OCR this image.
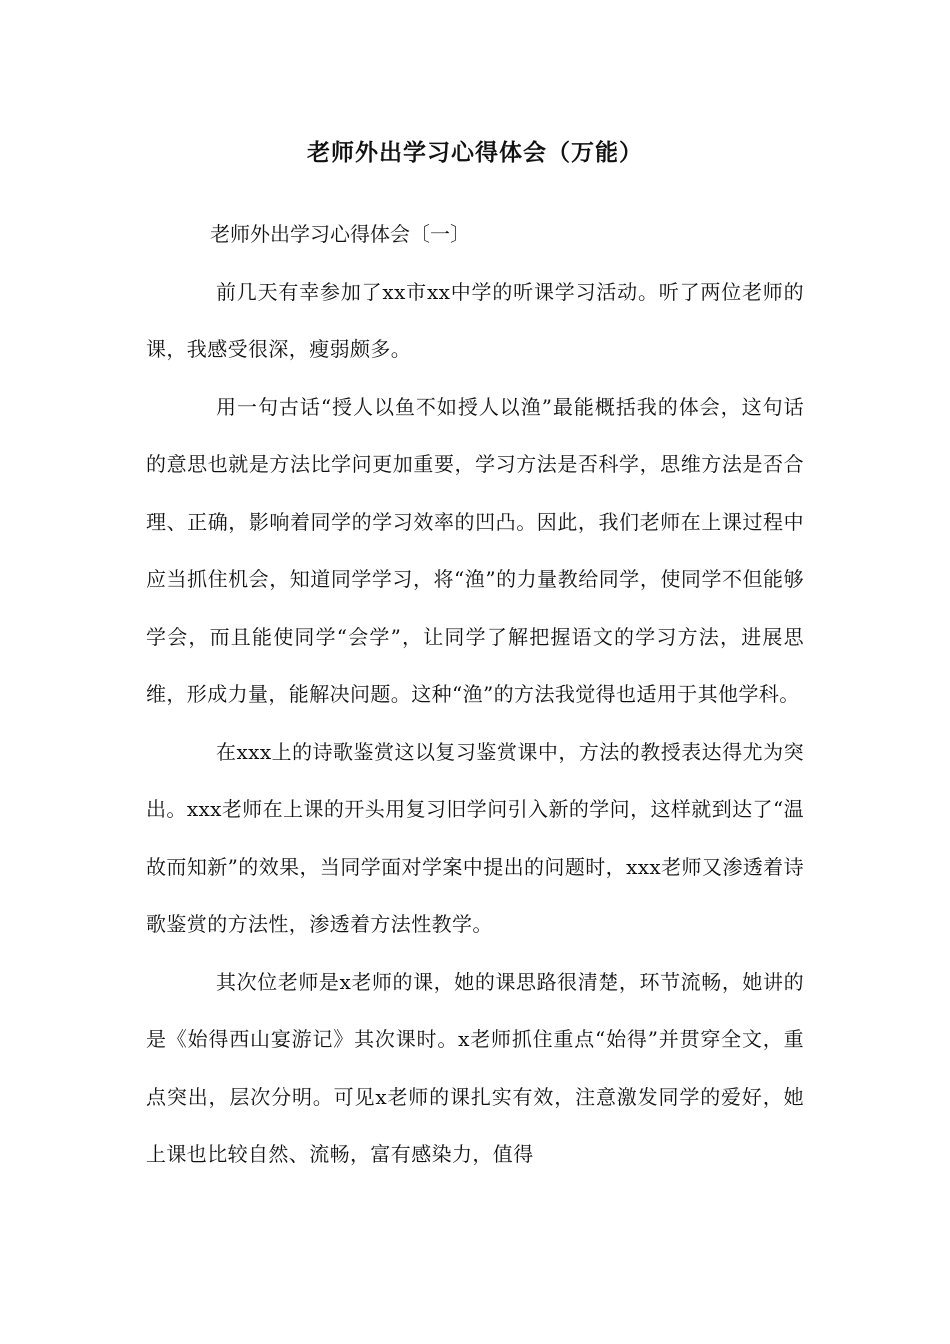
老师外出学习心得体会（万能）

老师外出学习心得体会〔一〕

前几天有幸参加了xx市xx中学的听课学习活动。听了两位老师的课，我感受很深，瘦弱颇多。

用一句古话“授人以鱼不如授人以渔”最能概括我的体会，这句话的意思也就是方法比学问更加重要，学习方法是否科学，思维方法是否合理、正确，影响着同学的学习效率的凹凸。因此，我们老师在上课过程中应当抓住机会，知道同学学习，将“渔”的力量教给同学，使同学不但能够学会，而且能使同学“会学”，让同学了解把握语文的学习方法，进展思维，形成力量，能解决问题。这种“渔”的方法我觉得也适用于其他学科。

在xxx上的诗歌鉴赏这以复习鉴赏课中，方法的教授表达得尤为突出。xxx老师在上课的开头用复习旧学问引入新的学问，这样就到达了“温故而知新”的效果，当同学面对学案中提出的问题时，xxx老师又渗透着诗歌鉴赏的方法性，渗透着方法性教学。

其次位老师是x老师的课，她的课思路很清楚，环节流畅，她讲的是《始得西山宴游记》其次课时。x老师抓住重点“始得”并贯穿全文，重点突出，层次分明。可见x老师的课扎实有效，注意激发同学的爱好，她上课也比较自然、流畅，富有感染力，值得
